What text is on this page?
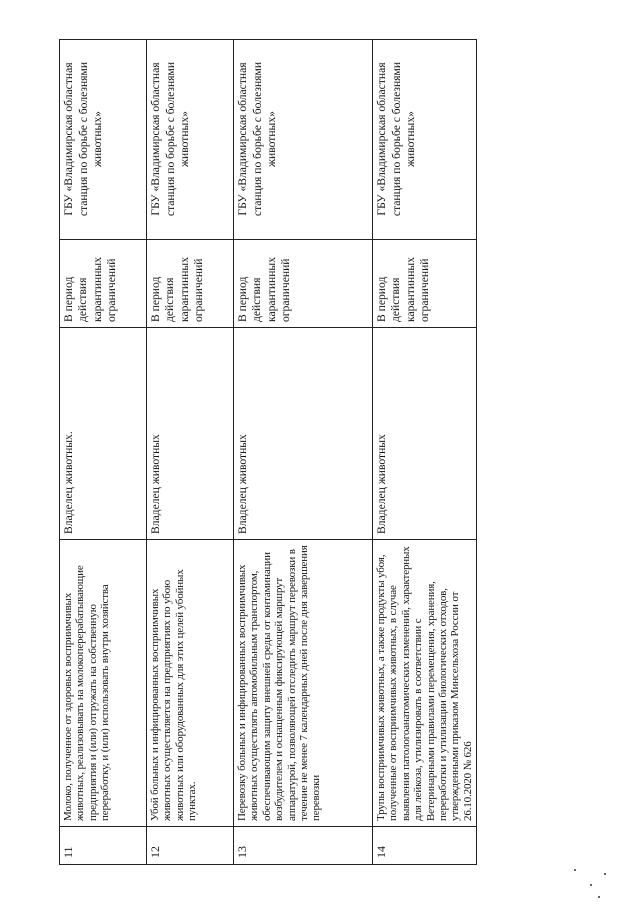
11	Молоко, полученное от здоровых восприимчивых животных, реализовывать на молокоперерабатывающие предприятия и (или) отгружать на собственную переработку, и (или) использовать внутри хозяйства	Владелец животных.	В период действия карантинных ограничений	ГБУ «Владимирская областная станция по борьбе с болезнями животных»
12	Убой больных и инфицированных восприимчивых животных осуществляется на предприятиях по убою животных или оборудованных для этих целей убойных пунктах.	Владелец животных	В период действия карантинных ограничений	ГБУ «Владимирская областная станция по борьбе с болезнями животных»
13	Перевозку больных и инфицированных восприимчивых животных осуществлять автомобильным транспортом, обеспечивающим защиту внешней среды от контаминации возбудителем и оснащенным фиксирующей маршрут аппаратурой, позволяющей отследить маршрут перевозки в течение не менее 7 календарных дней после дня завершения перевозки	Владелец животных	В период действия карантинных ограничений	ГБУ «Владимирская областная станция по борьбе с болезнями животных»
14	Трупы восприимчивых животных, а также продукты убоя, полученные от восприимчивых животных, в случае выявления патологоанатомических изменений, характерных для лейкоза, утилизировать в соответствии с Ветеринарными правилами перемещения, хранения, переработки и утилизации биологических отходов, утвержденными приказом Минсельхоза России от 26.10.2020 № 626	Владелец животных	В период действия карантинных ограничений	ГБУ «Владимирская областная станция по борьбе с болезнями животных»
